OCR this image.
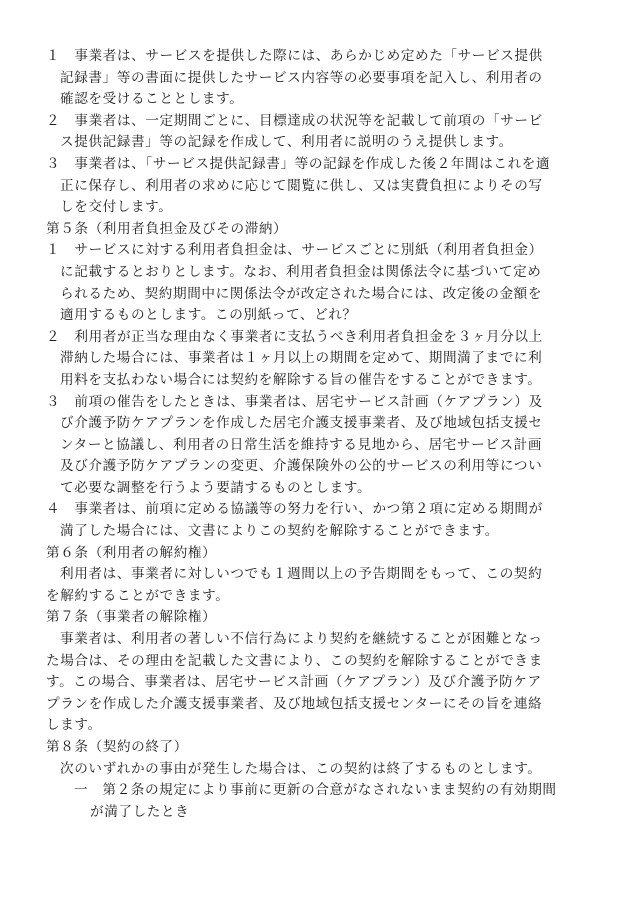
１　事業者は、サービスを提供した際には、あらかじめ定めた「サービス提供
記録書」等の書面に提供したサービス内容等の必要事項を記入し、利用者の
確認を受けることとします。
２　事業者は、一定期間ごとに、目標達成の状況等を記載して前項の「サービ
ス提供記録書」等の記録を作成して、利用者に説明のうえ提供します。
３　事業者は、「サービス提供記録書」等の記録を作成した後２年間はこれを適
正に保存し、利用者の求めに応じて閲覧に供し、又は実費負担によりその写
しを交付します。
第５条（利用者負担金及びその滞納）
１　サービスに対する利用者負担金は、サービスごとに別紙（利用者負担金）
に記載するとおりとします。なお、利用者負担金は関係法令に基づいて定め
られるため、契約期間中に関係法令が改定された場合には、改定後の金額を
適用するものとします。この別紙って、どれ？
２　利用者が正当な理由なく事業者に支払うべき利用者負担金を３ヶ月分以上
滞納した場合には、事業者は１ヶ月以上の期間を定めて、期間満了までに利
用料を支払わない場合には契約を解除する旨の催告をすることができます。
３　前項の催告をしたときは、事業者は、居宅サービス計画（ケアプラン）及
び介護予防ケアプランを作成した居宅介護支援事業者、及び地域包括支援セ
ンターと協議し、利用者の日常生活を維持する見地から、居宅サービス計画
及び介護予防ケアプランの変更、介護保険外の公的サービスの利用等につい
て必要な調整を行うよう要請するものとします。
４　事業者は、前項に定める協議等の努力を行い、かつ第２項に定める期間が
満了した場合には、文書によりこの契約を解除することができます。
第６条（利用者の解約権）
利用者は、事業者に対しいつでも１週間以上の予告期間をもって、この契約
を解約することができます。
第７条（事業者の解除権）
事業者は、利用者の著しい不信行為により契約を継続することが困難となっ
た場合は、その理由を記載した文書により、この契約を解除することができま
す。この場合、事業者は、居宅サービス計画（ケアプラン）及び介護予防ケア
プランを作成した介護支援事業者、及び地域包括支援センターにその旨を連絡
します。
第８条（契約の終了）
次のいずれかの事由が発生した場合は、この契約は終了するものとします。
一　第２条の規定により事前に更新の合意がなされないまま契約の有効期間
が満了したとき
